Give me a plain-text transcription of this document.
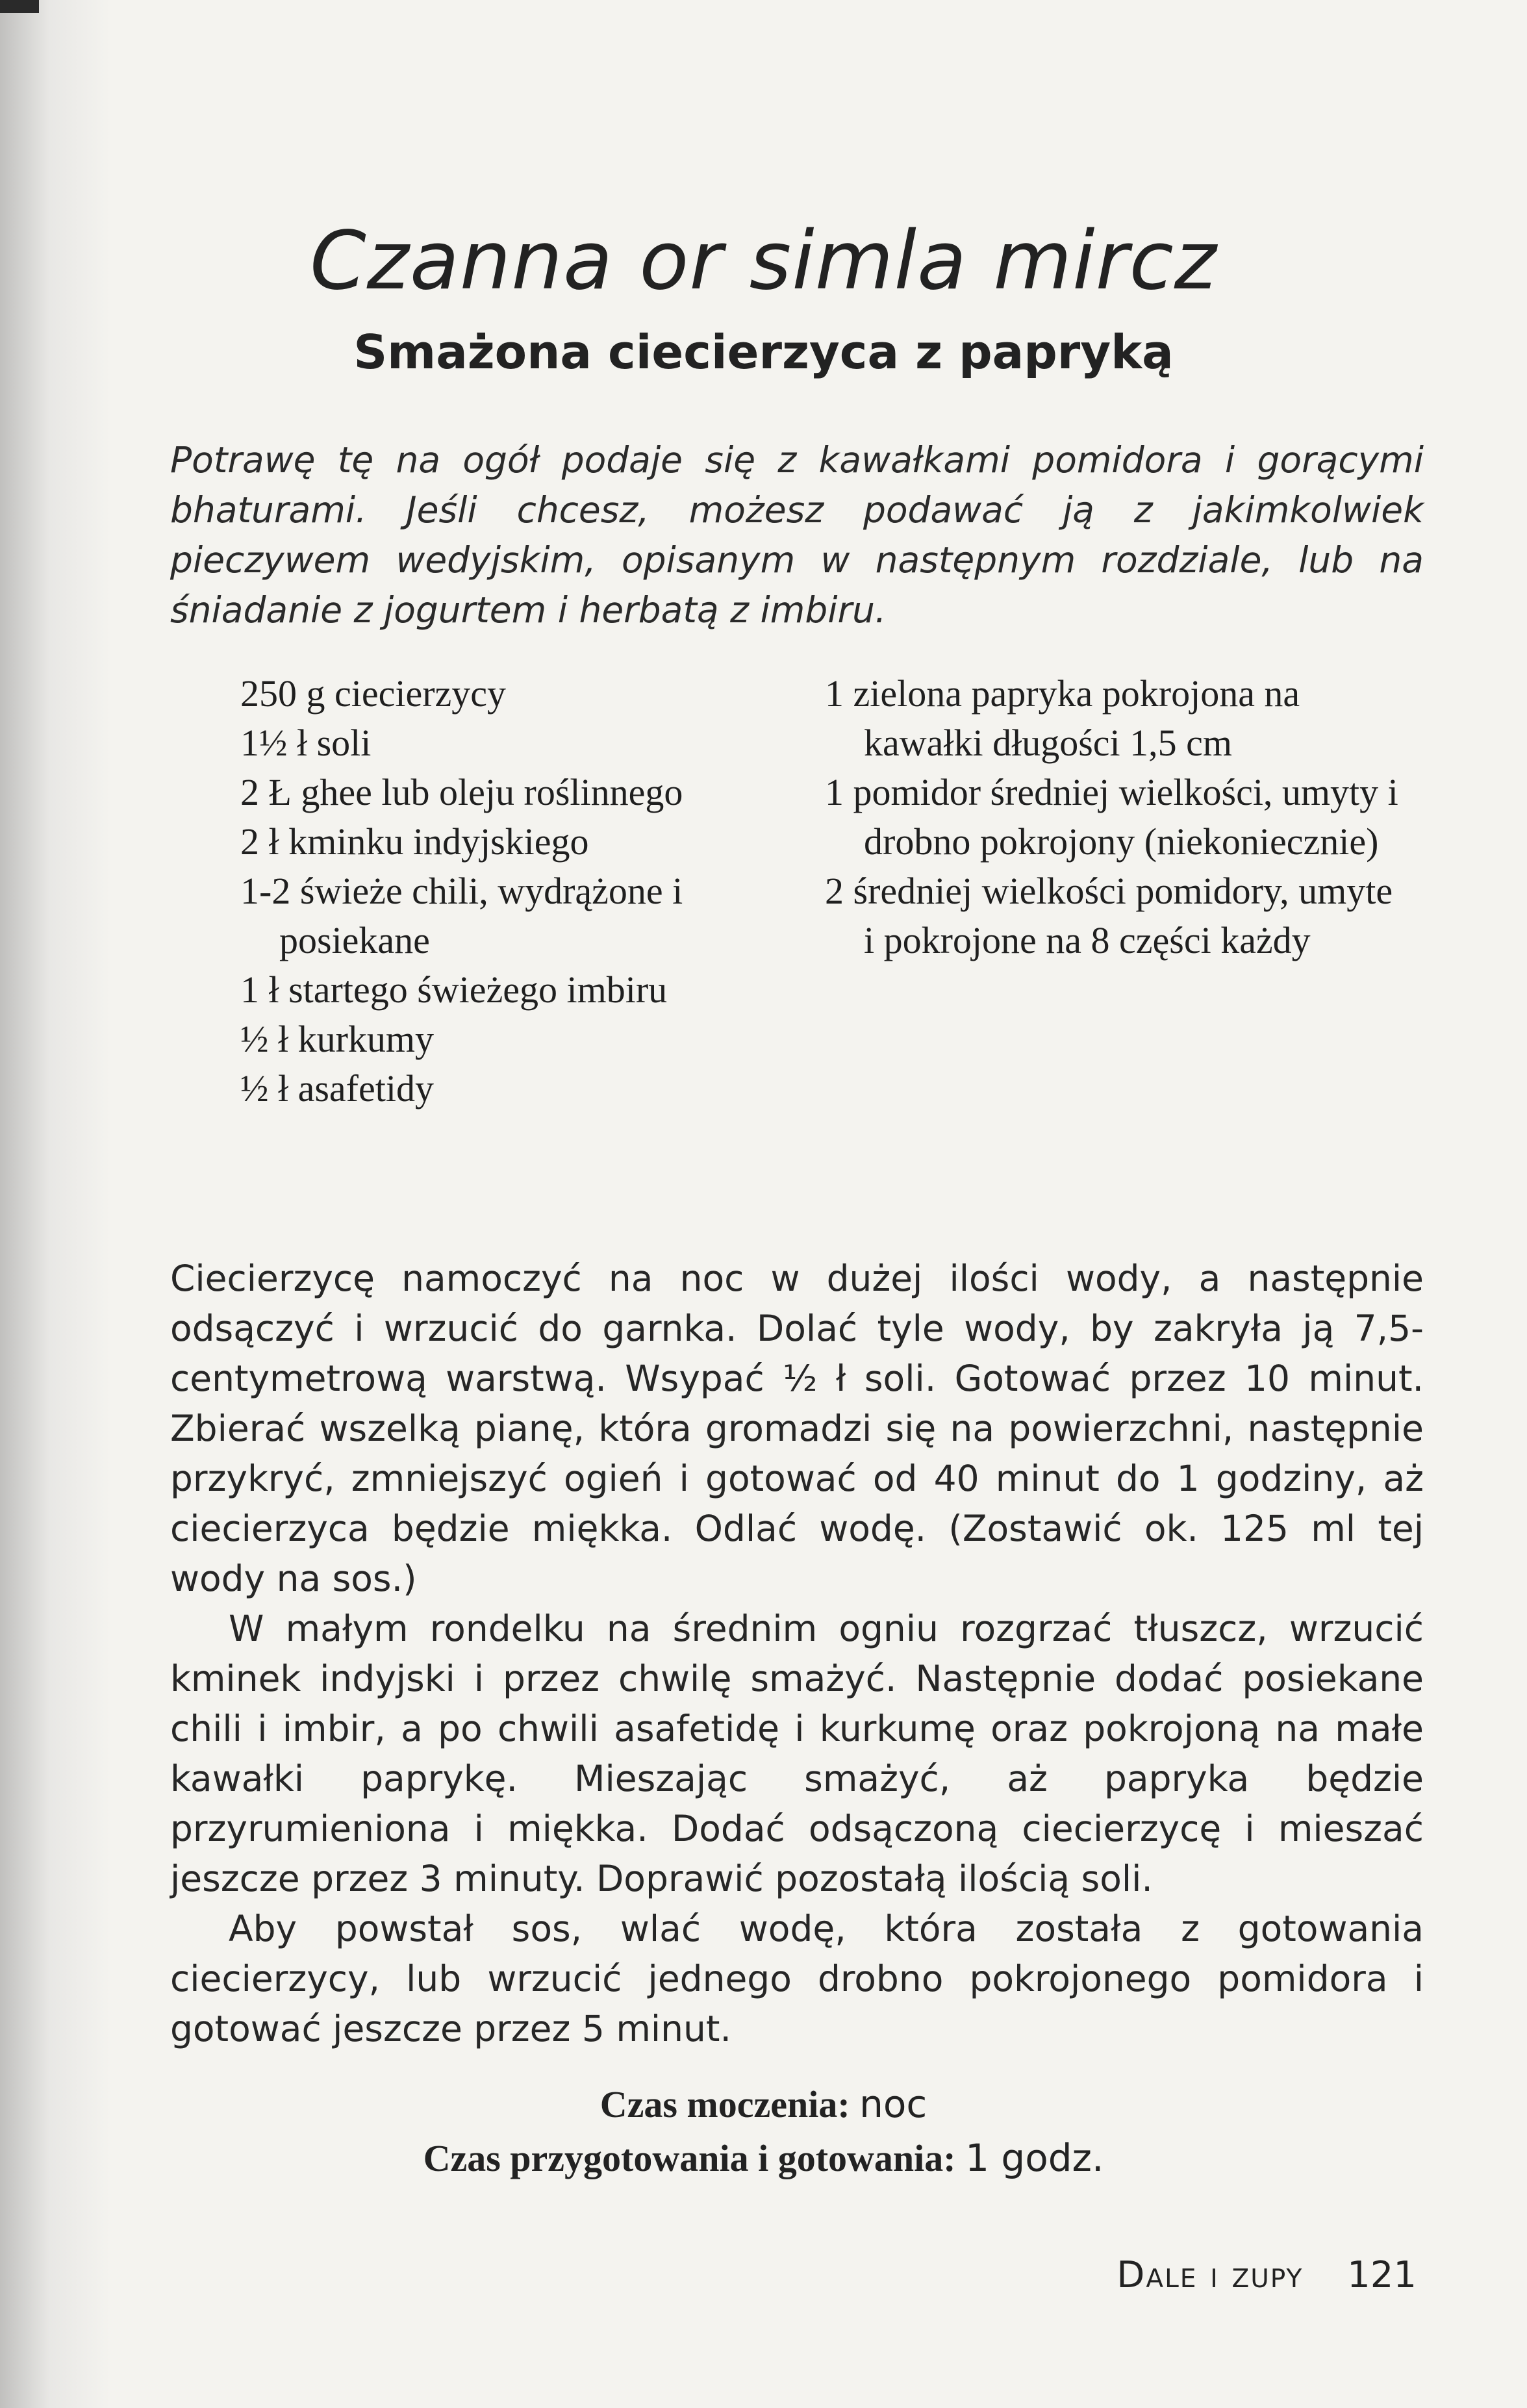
Czanna or simla mircz
Smażona ciecierzyca z papryką

Potrawę tę na ogół podaje się z kawałkami pomidora i gorącymi bhaturami. Jeśli chcesz, możesz podawać ją z jakimkolwiek pieczywem wedyjskim, opisanym w następnym rozdziale, lub na śniadanie z jogurtem i herbatą z imbiru.

250 g ciecierzycy
1½ ł soli
2 Ł ghee lub oleju roślinnego
2 ł kminku indyjskiego
1-2 świeże chili, wydrążone i posiekane
1 ł startego świeżego imbiru
½ ł kurkumy
½ ł asafetidy
1 zielona papryka pokrojona na kawałki długości 1,5 cm
1 pomidor średniej wielkości, umyty i drobno pokrojony (niekoniecznie)
2 średniej wielkości pomidory, umyte i pokrojone na 8 części każdy

Ciecierzycę namoczyć na noc w dużej ilości wody, a następnie odsączyć i wrzucić do garnka. Dolać tyle wody, by zakryła ją 7,5-centymetrową warstwą. Wsypać ½ ł soli. Gotować przez 10 minut. Zbierać wszelką pianę, która gromadzi się na powierzchni, następnie przykryć, zmniejszyć ogień i gotować od 40 minut do 1 godziny, aż ciecierzyca będzie miękka. Odlać wodę. (Zostawić ok. 125 ml tej wody na sos.)

W małym rondelku na średnim ogniu rozgrzać tłuszcz, wrzucić kminek indyjski i przez chwilę smażyć. Następnie dodać posiekane chili i imbir, a po chwili asafetidę i kurkumę oraz pokrojoną na małe kawałki paprykę. Mieszając smażyć, aż papryka będzie przyrumieniona i miękka. Dodać odsączoną ciecierzycę i mieszać jeszcze przez 3 minuty. Doprawić pozostałą ilością soli.

Aby powstał sos, wlać wodę, która została z gotowania ciecierzycy, lub wrzucić jednego drobno pokrojonego pomidora i gotować jeszcze przez 5 minut.

Czas moczenia: noc
Czas przygotowania i gotowania: 1 godz.
Dale i zupy 121
